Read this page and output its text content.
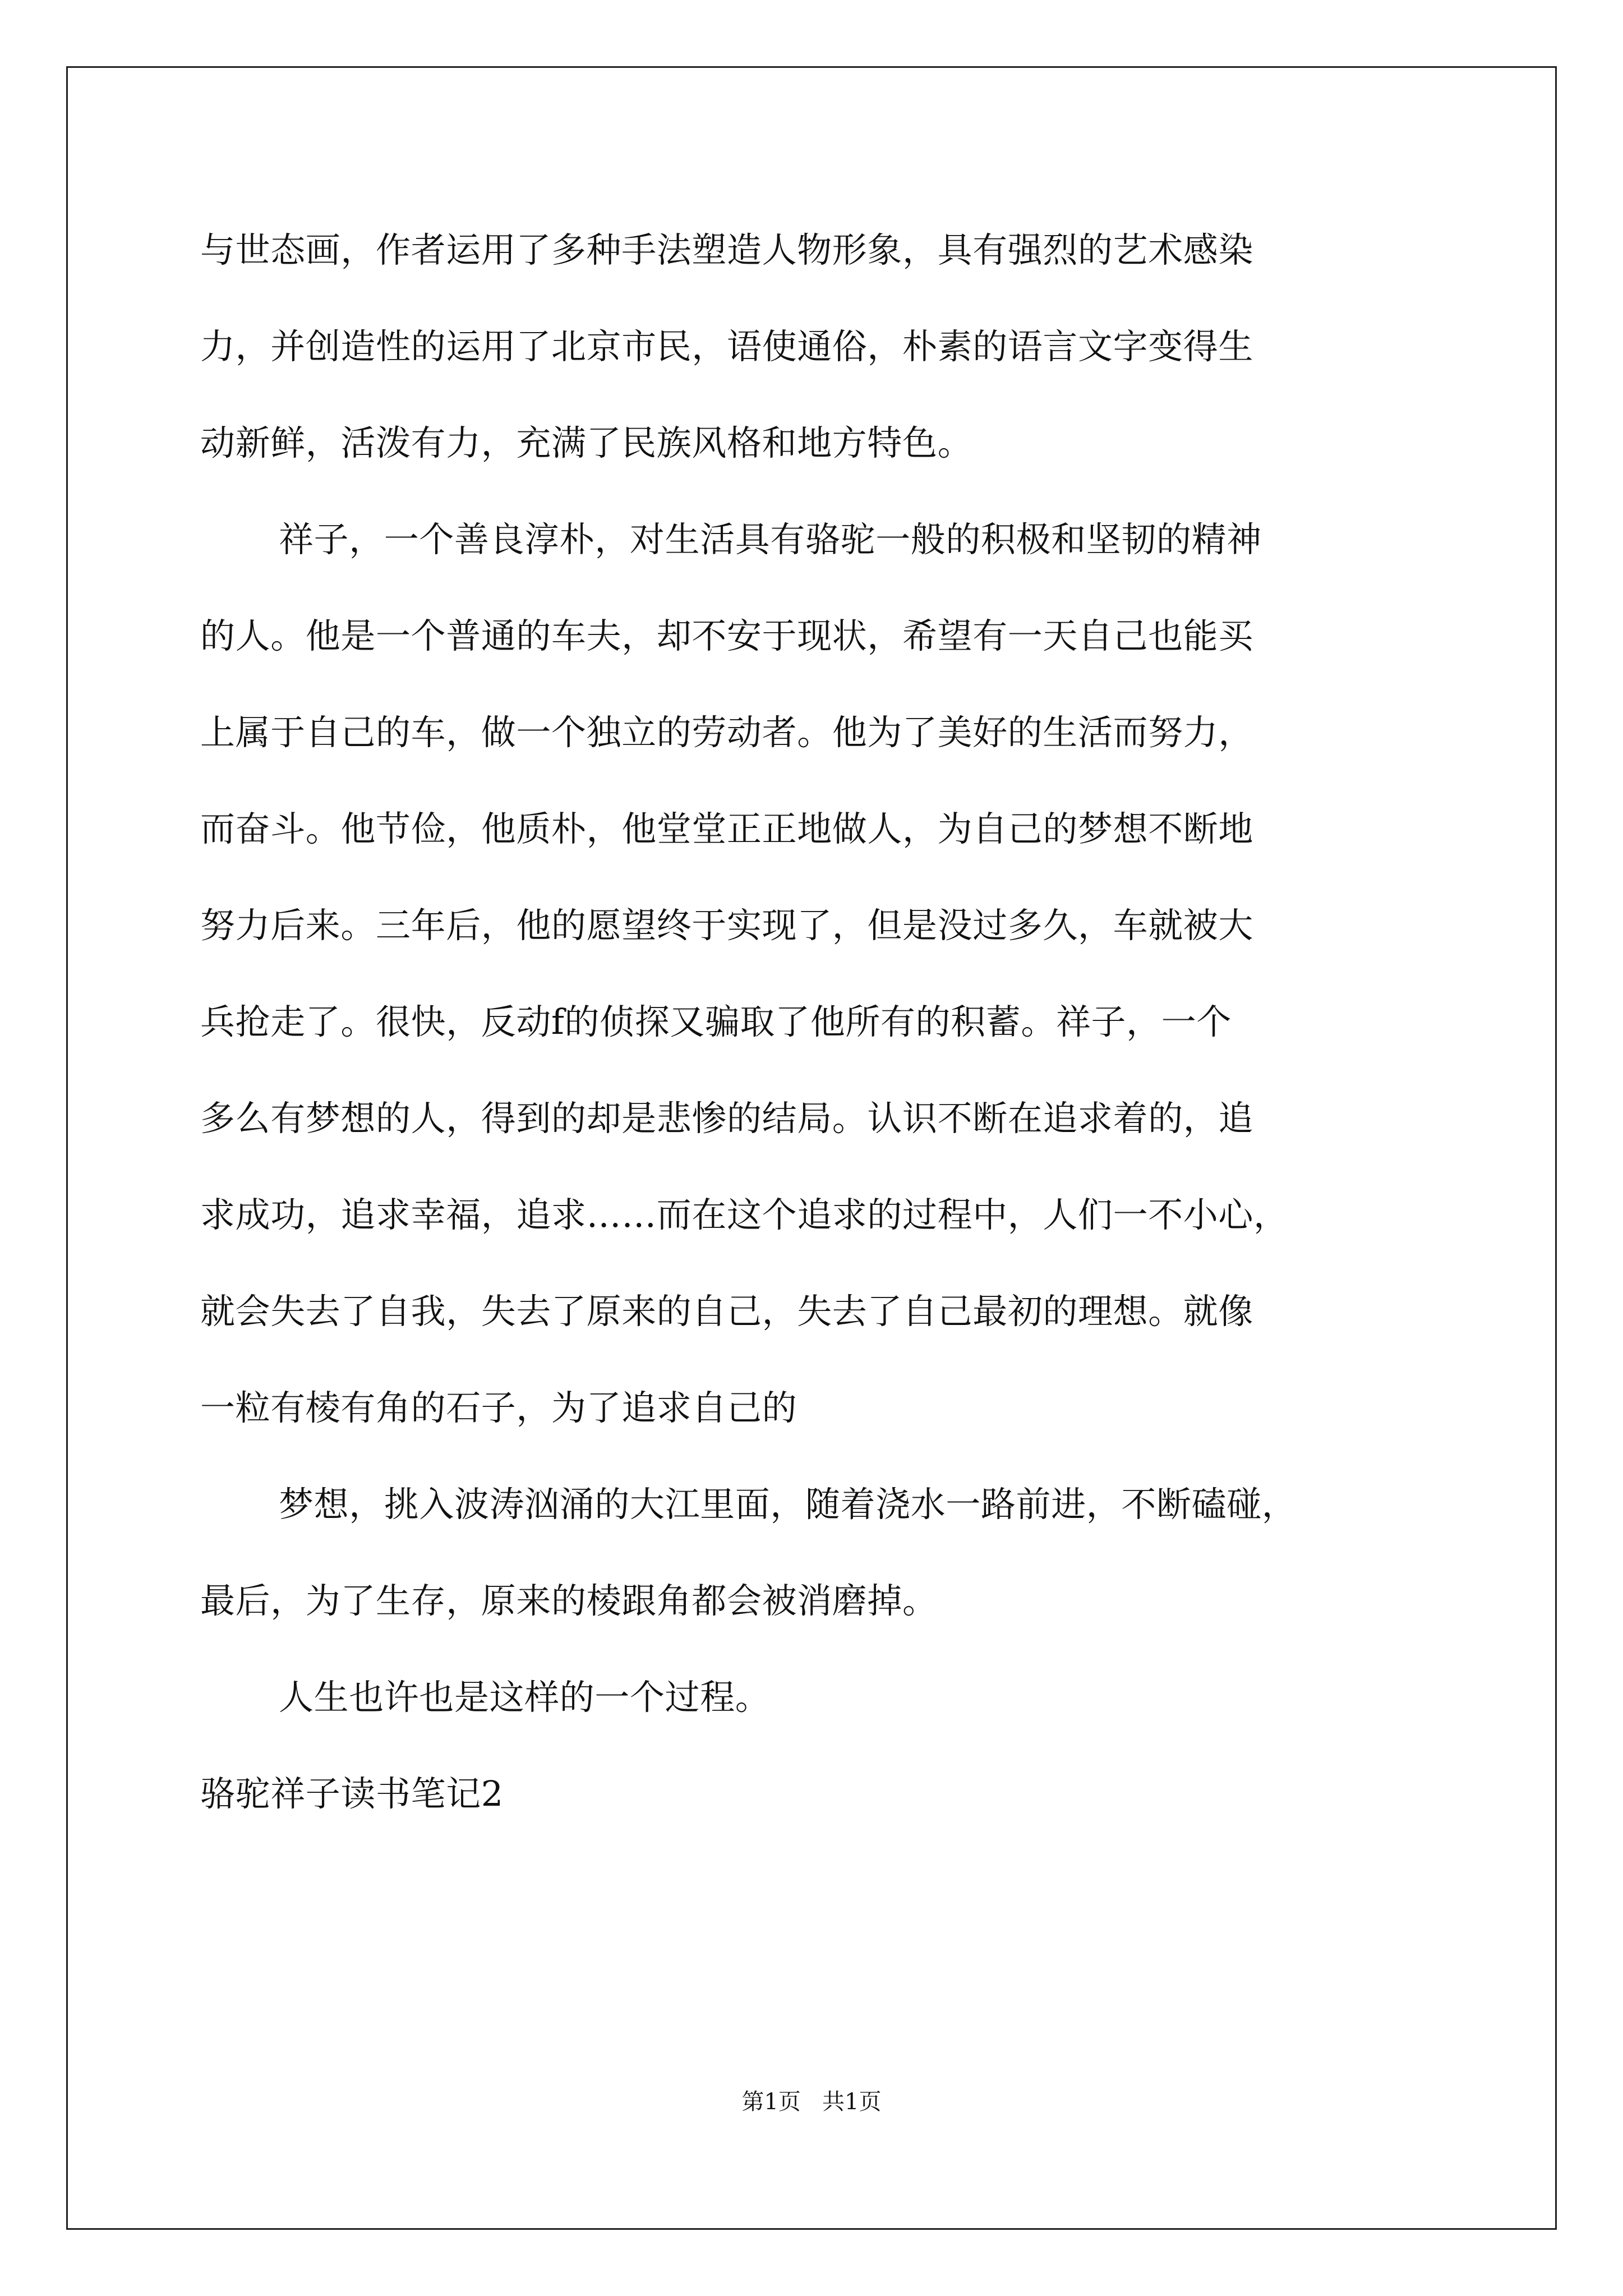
与世态画，作者运用了多种手法塑造人物形象，具有强烈的艺术感染
力，并创造性的运用了北京市民，语使通俗，朴素的语言文字变得生
动新鲜，活泼有力，充满了民族风格和地方特色。
祥子，一个善良淳朴，对生活具有骆驼一般的积极和坚韧的精神
的人。他是一个普通的车夫，却不安于现状，希望有一天自己也能买
上属于自己的车，做一个独立的劳动者。他为了美好的生活而努力，
而奋斗。他节俭，他质朴，他堂堂正正地做人，为自己的梦想不断地
努力后来。三年后，他的愿望终于实现了，但是没过多久，车就被大
兵抢走了。很快，反动f的侦探又骗取了他所有的积蓄。祥子，一个
多么有梦想的人，得到的却是悲惨的结局。认识不断在追求着的，追
求成功，追求幸福，追求……而在这个追求的过程中，人们一不小心，
就会失去了自我，失去了原来的自己，失去了自己最初的理想。就像
一粒有棱有角的石子，为了追求自己的
梦想，挑入波涛汹涌的大江里面，随着浇水一路前进，不断磕碰，
最后，为了生存，原来的棱跟角都会被消磨掉。
人生也许也是这样的一个过程。
骆驼祥子读书笔记2
第1页   共1页
